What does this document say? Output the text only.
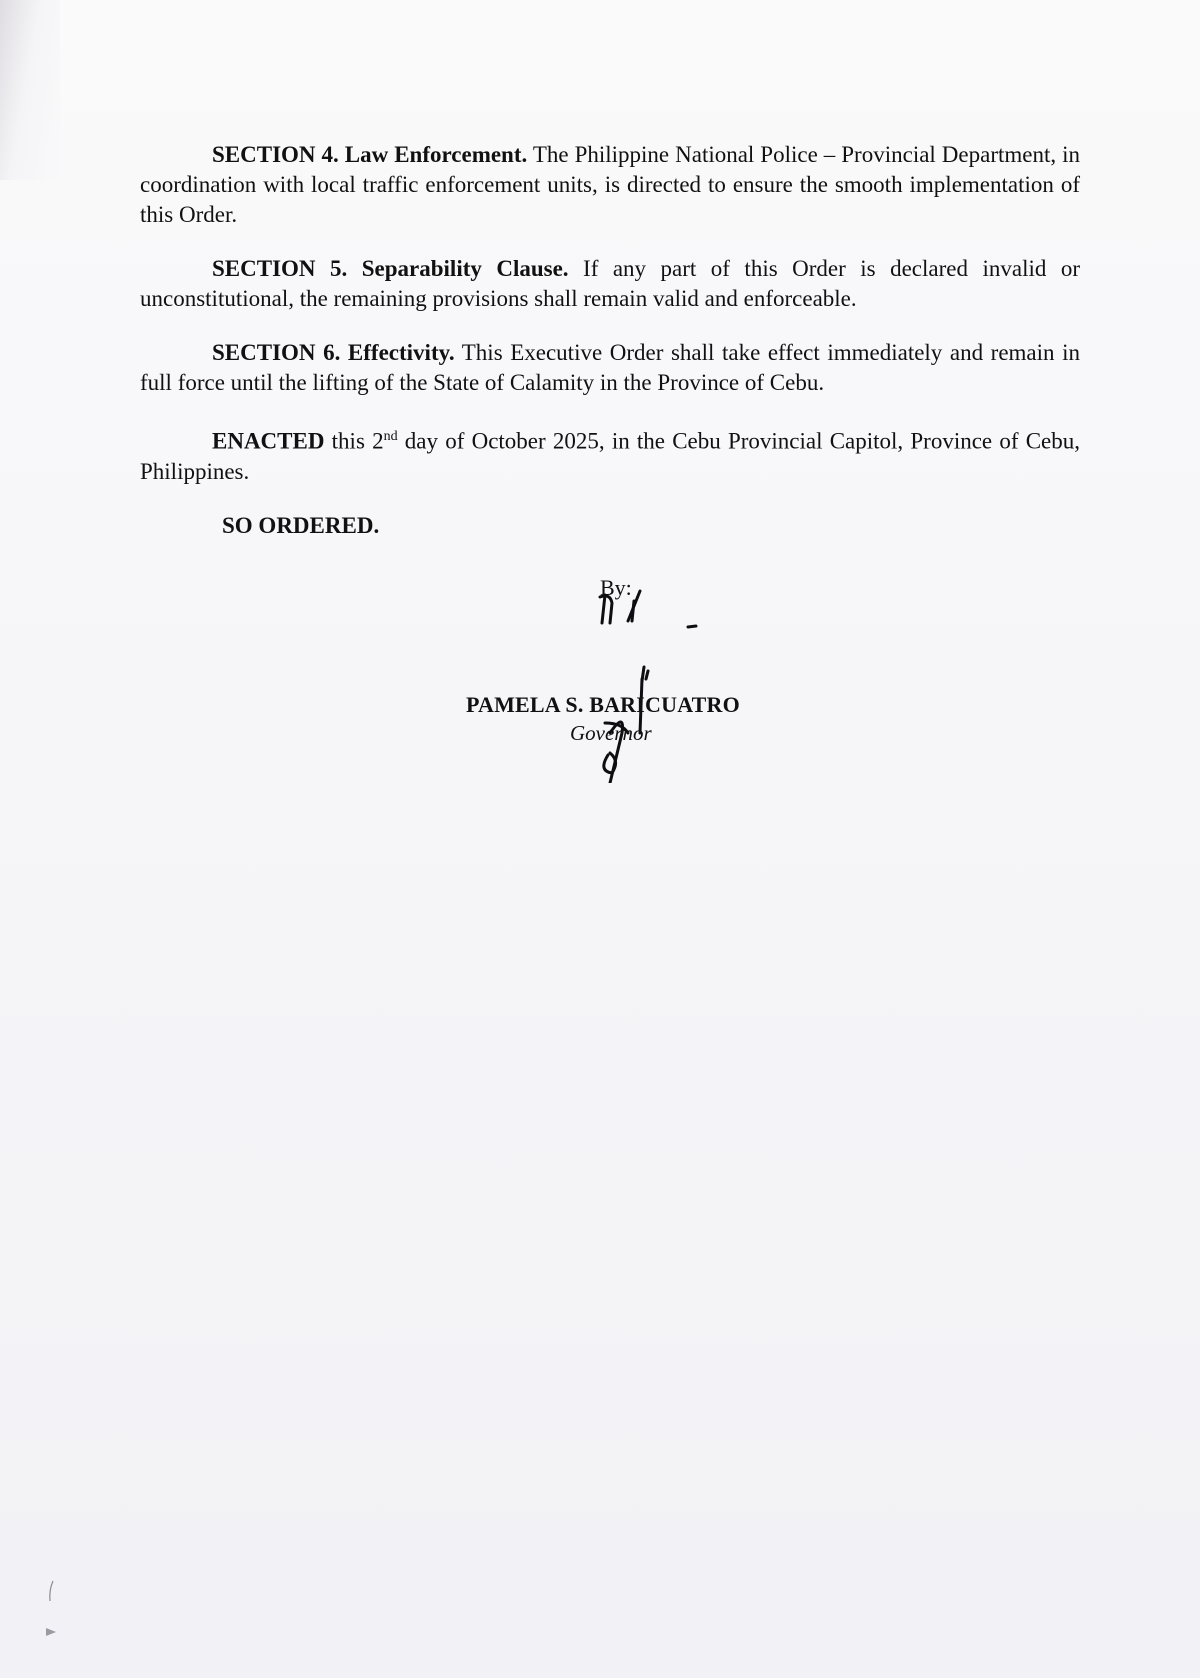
SECTION 4. Law Enforcement. The Philippine National Police – Provincial Department, in coordination with local traffic enforcement units, is directed to ensure the smooth implementation of this Order.

SECTION 5. Separability Clause. If any part of this Order is declared invalid or unconstitutional, the remaining provisions shall remain valid and enforceable.

SECTION 6. Effectivity. This Executive Order shall take effect immediately and remain in full force until the lifting of the State of Calamity in the Province of Cebu.

ENACTED this 2nd day of October 2025, in the Cebu Provincial Capitol, Province of Cebu, Philippines.

SO ORDERED.
By:
PAMELA S. BARICUATRO
Governor
